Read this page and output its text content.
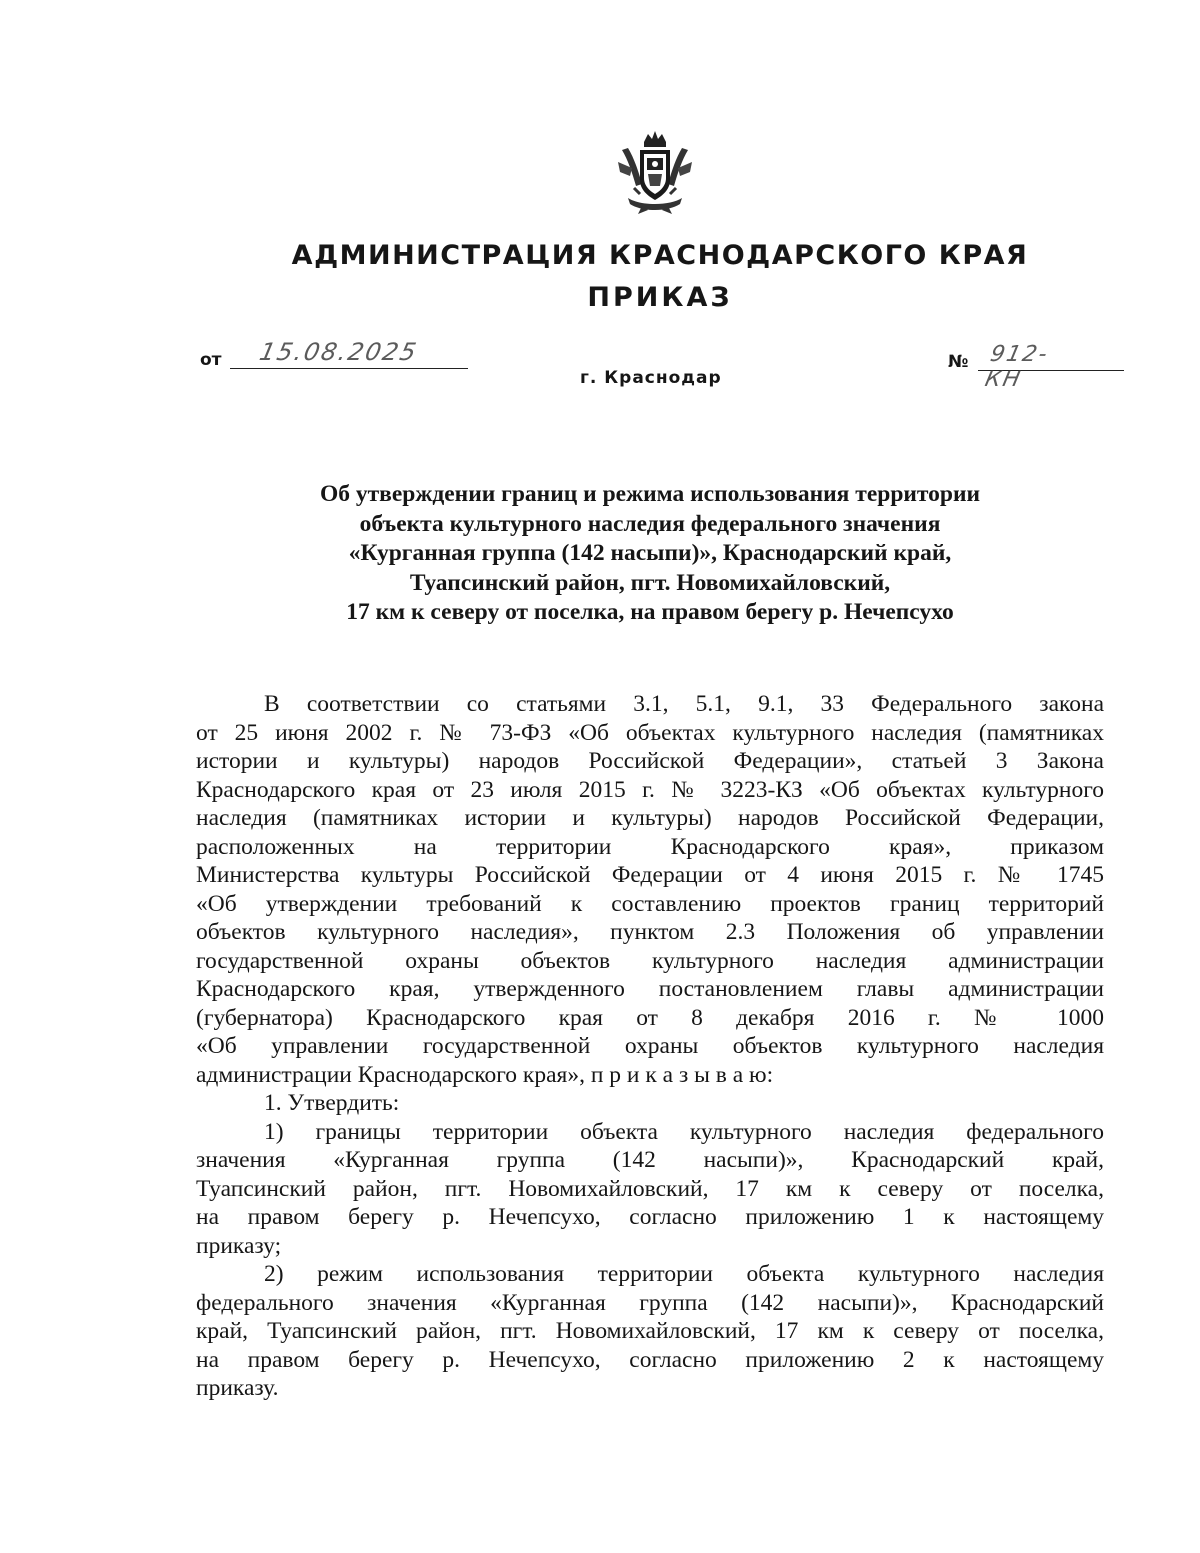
АДМИНИСТРАЦИЯ КРАСНОДАРСКОГО КРАЯ
ПРИКАЗ
от 15.08.2025	№ 912-КН
г. Краснодар
Об утверждении границ и режима использования территории
объекта культурного наследия федерального значения
«Курганная группа (142 насыпи)», Краснодарский край,
Туапсинский район, пгт. Новомихайловский,
17 км к северу от поселка, на правом берегу р. Нечепсухо
В соответствии со статьями 3.1, 5.1, 9.1, 33 Федерального закона
от 25 июня 2002 г. № 73-ФЗ «Об объектах культурного наследия (памятниках
истории и культуры) народов Российской Федерации», статьей 3 Закона
Краснодарского края от 23 июля 2015 г. № 3223-КЗ «Об объектах культурного
наследия (памятниках истории и культуры) народов Российской Федерации,
расположенных на территории Краснодарского края», приказом
Министерства культуры Российской Федерации от 4 июня 2015 г. № 1745
«Об утверждении требований к составлению проектов границ территорий
объектов культурного наследия», пунктом 2.3 Положения об управлении
государственной охраны объектов культурного наследия администрации
Краснодарского края, утвержденного постановлением главы администрации
(губернатора) Краснодарского края от 8 декабря 2016 г. № 1000
«Об управлении государственной охраны объектов культурного наследия
администрации Краснодарского края», п р и к а з ы в а ю:
1. Утвердить:
1) границы территории объекта культурного наследия федерального
значения «Курганная группа (142 насыпи)», Краснодарский край,
Туапсинский район, пгт. Новомихайловский, 17 км к северу от поселка,
на правом берегу р. Нечепсухо, согласно приложению 1 к настоящему
приказу;
2) режим использования территории объекта культурного наследия
федерального значения «Курганная группа (142 насыпи)», Краснодарский
край, Туапсинский район, пгт. Новомихайловский, 17 км к северу от поселка,
на правом берегу р. Нечепсухо, согласно приложению 2 к настоящему
приказу.
